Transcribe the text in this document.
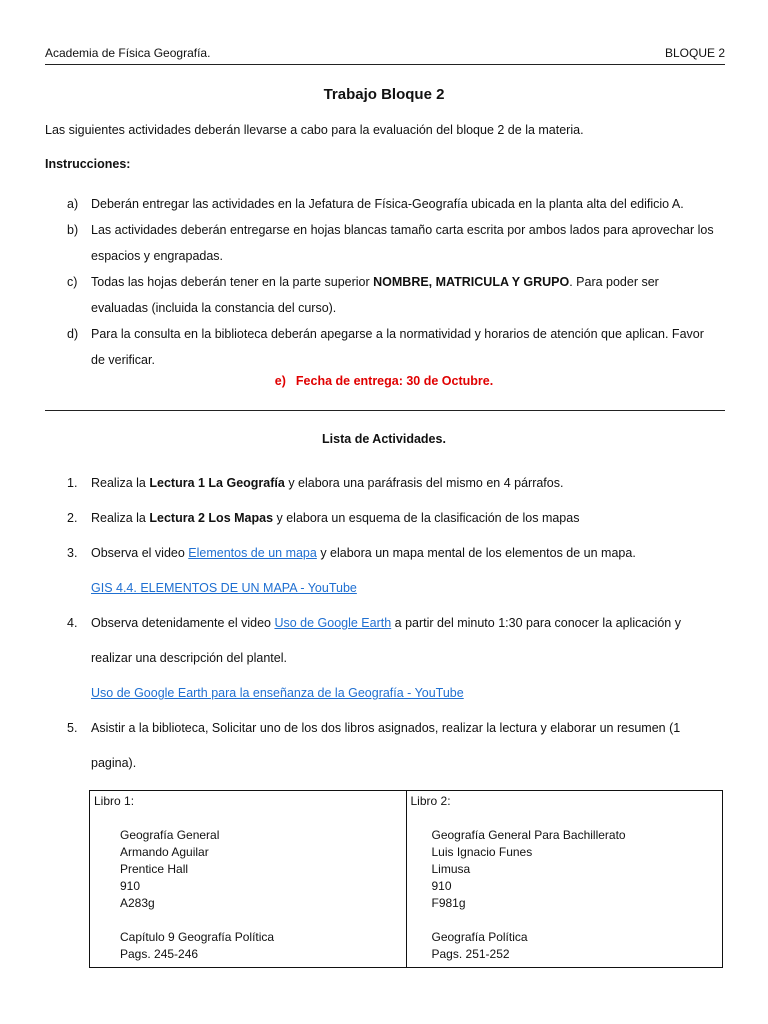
Academia de Física Geografía.	BLOQUE 2
Trabajo Bloque 2
Las siguientes actividades deberán llevarse a cabo para la evaluación del bloque 2 de la materia.
Instrucciones:
a) Deberán entregar las actividades en la Jefatura de Física-Geografía ubicada en la planta alta del edificio A.
b) Las actividades deberán entregarse en hojas blancas tamaño carta escrita por ambos lados para aprovechar los espacios y engrapadas.
c) Todas las hojas deberán tener en la parte superior NOMBRE, MATRICULA Y GRUPO. Para poder ser evaluadas (incluida la constancia del curso).
d) Para la consulta en la biblioteca deberán apegarse a la normatividad y horarios de atención que aplican. Favor de verificar.
e) Fecha de entrega: 30 de Octubre.
Lista de Actividades.
1. Realiza la Lectura 1 La Geografía y elabora una paráfrasis del mismo en 4 párrafos.
2. Realiza la Lectura 2 Los Mapas y elabora un esquema de la clasificación de los mapas
3. Observa el video Elementos de un mapa y elabora un mapa mental de los elementos de un mapa.
GIS 4.4. ELEMENTOS DE UN MAPA - YouTube
4. Observa detenidamente el video Uso de Google Earth a partir del minuto 1:30 para conocer la aplicación y realizar una descripción del plantel.
Uso de Google Earth para la enseñanza de la Geografía - YouTube
5. Asistir a la biblioteca, Solicitar uno de los dos libros asignados, realizar la lectura y elaborar un resumen (1 pagina).
Libro 1:
Geografía General
Armando Aguilar
Prentice Hall
910
A283g
Capítulo 9 Geografía Política
Pags. 245-246

Libro 2:
Geografía General Para Bachillerato
Luis Ignacio Funes
Limusa
910
F981g
Geografía Política
Pags. 251-252
